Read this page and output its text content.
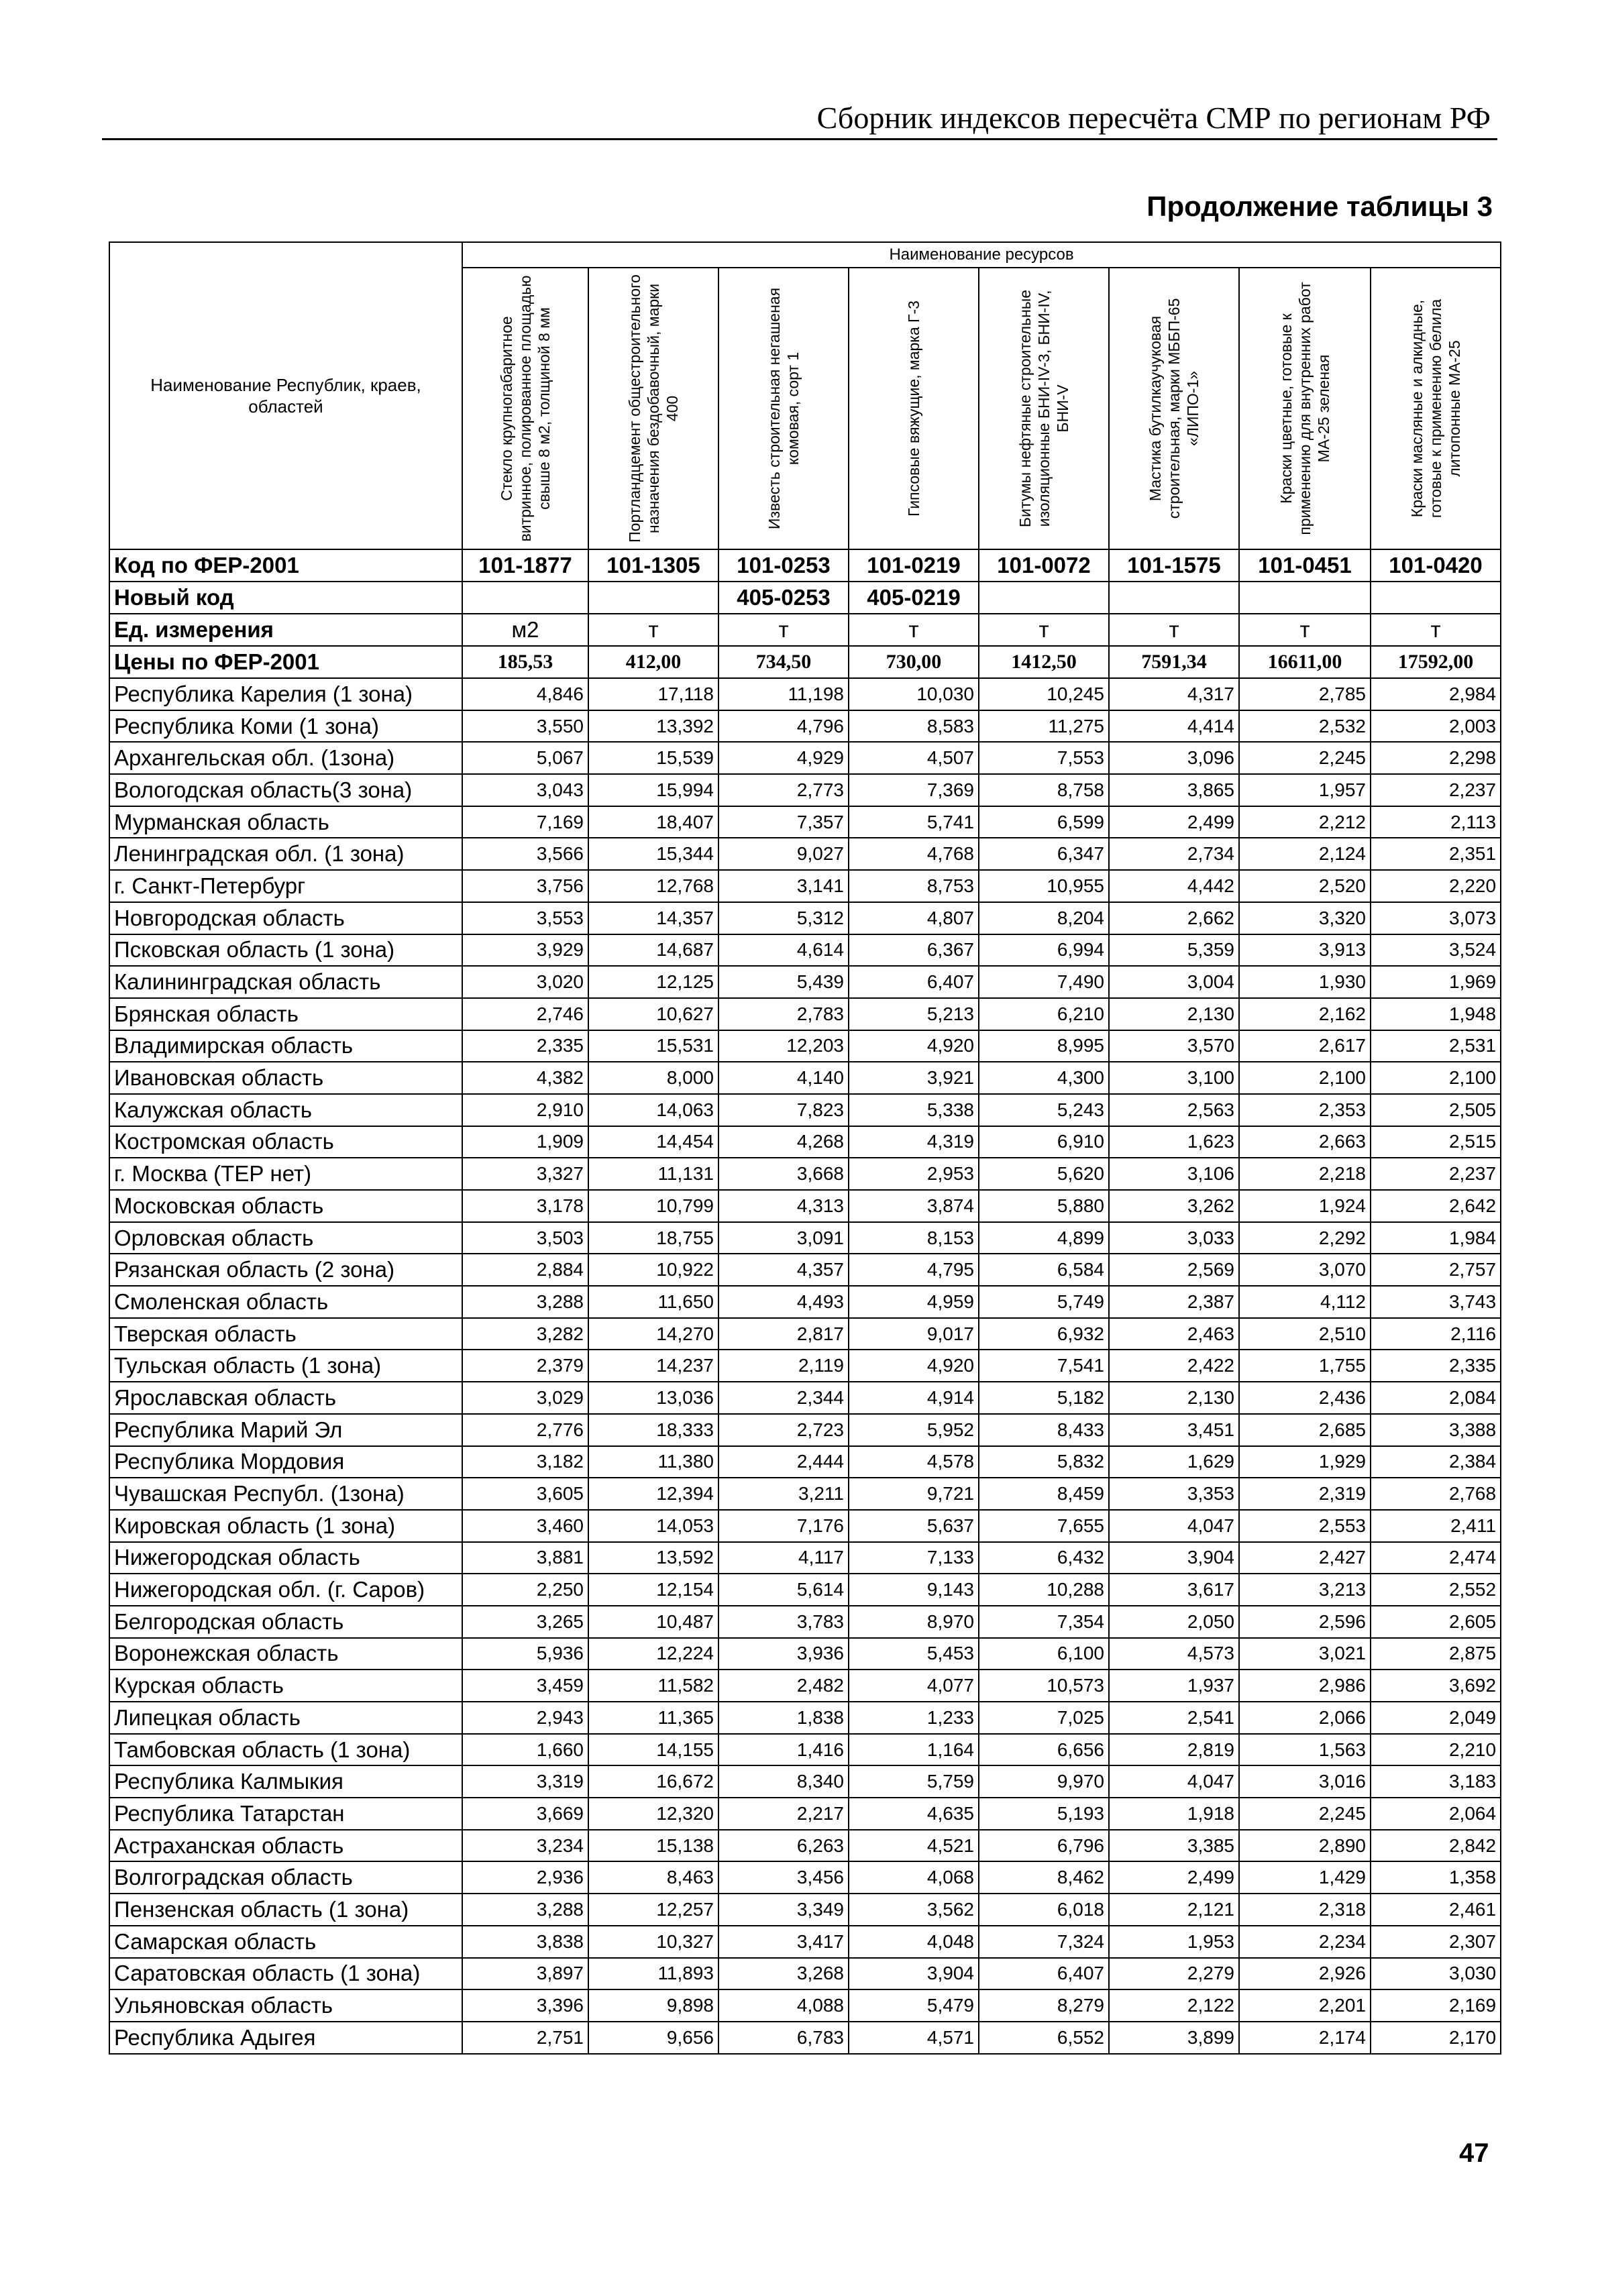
Сборник индексов пересчёта СМР по регионам РФ
Продолжение таблицы 3
Наименование Республик, краев, областей	Наименование ресурсов							

	Стекло крупногабаритное витринное, полированное площадью свыше 8 м2, толщиной 8 мм	Портландцемент общестроительного назначения бездобавочный, марки 400	Известь строительная негашеная комовая, сорт 1	Гипсовые вяжущие, марка Г-3	Битумы нефтяные строительные изоляционные БНИ-IV-3, БНИ-IV, БНИ-V	Мастика бутилкаучуковая строительная, марки МББП-65 «ЛИПО-1»	Краски цветные, готовые к применению для внутренних работ МА-25 зеленая	Краски масляные и алкидные, готовые к применению белила литопонные МА-25

Код по ФЕР-2001	101-1877	101-1305	101-0253	101-0219	101-0072	101-1575	101-0451	101-0420
Новый код			405-0253	405-0219				
Ед. измерения	м2	т	т	т	т	т	т	т
Цены по ФЕР-2001	185,53	412,00	734,50	730,00	1412,50	7591,34	16611,00	17592,00
Республика Карелия (1 зона)	4,846	17,118	11,198	10,030	10,245	4,317	2,785	2,984
Республика Коми (1 зона)	3,550	13,392	4,796	8,583	11,275	4,414	2,532	2,003
Архангельская обл. (1зона)	5,067	15,539	4,929	4,507	7,553	3,096	2,245	2,298
Вологодская область(3 зона)	3,043	15,994	2,773	7,369	8,758	3,865	1,957	2,237
Мурманская область	7,169	18,407	7,357	5,741	6,599	2,499	2,212	2,113
Ленинградская обл. (1 зона)	3,566	15,344	9,027	4,768	6,347	2,734	2,124	2,351
г. Санкт-Петербург	3,756	12,768	3,141	8,753	10,955	4,442	2,520	2,220
Новгородская область	3,553	14,357	5,312	4,807	8,204	2,662	3,320	3,073
Псковская область (1 зона)	3,929	14,687	4,614	6,367	6,994	5,359	3,913	3,524
Калининградская область	3,020	12,125	5,439	6,407	7,490	3,004	1,930	1,969
Брянская область	2,746	10,627	2,783	5,213	6,210	2,130	2,162	1,948
Владимирская область	2,335	15,531	12,203	4,920	8,995	3,570	2,617	2,531
Ивановская область	4,382	8,000	4,140	3,921	4,300	3,100	2,100	2,100
Калужская область	2,910	14,063	7,823	5,338	5,243	2,563	2,353	2,505
Костромская область	1,909	14,454	4,268	4,319	6,910	1,623	2,663	2,515
г. Москва (ТЕР нет)	3,327	11,131	3,668	2,953	5,620	3,106	2,218	2,237
Московская область	3,178	10,799	4,313	3,874	5,880	3,262	1,924	2,642
Орловская область	3,503	18,755	3,091	8,153	4,899	3,033	2,292	1,984
Рязанская область (2 зона)	2,884	10,922	4,357	4,795	6,584	2,569	3,070	2,757
Смоленская область	3,288	11,650	4,493	4,959	5,749	2,387	4,112	3,743
Тверская область	3,282	14,270	2,817	9,017	6,932	2,463	2,510	2,116
Тульская область (1 зона)	2,379	14,237	2,119	4,920	7,541	2,422	1,755	2,335
Ярославская область	3,029	13,036	2,344	4,914	5,182	2,130	2,436	2,084
Республика Марий Эл	2,776	18,333	2,723	5,952	8,433	3,451	2,685	3,388
Республика Мордовия	3,182	11,380	2,444	4,578	5,832	1,629	1,929	2,384
Чувашская Республ. (1зона)	3,605	12,394	3,211	9,721	8,459	3,353	2,319	2,768
Кировская область (1 зона)	3,460	14,053	7,176	5,637	7,655	4,047	2,553	2,411
Нижегородская область	3,881	13,592	4,117	7,133	6,432	3,904	2,427	2,474
Нижегородская обл. (г. Саров)	2,250	12,154	5,614	9,143	10,288	3,617	3,213	2,552
Белгородская область	3,265	10,487	3,783	8,970	7,354	2,050	2,596	2,605
Воронежская область	5,936	12,224	3,936	5,453	6,100	4,573	3,021	2,875
Курская область	3,459	11,582	2,482	4,077	10,573	1,937	2,986	3,692
Липецкая область	2,943	11,365	1,838	1,233	7,025	2,541	2,066	2,049
Тамбовская область (1 зона)	1,660	14,155	1,416	1,164	6,656	2,819	1,563	2,210
Республика Калмыкия	3,319	16,672	8,340	5,759	9,970	4,047	3,016	3,183
Республика Татарстан	3,669	12,320	2,217	4,635	5,193	1,918	2,245	2,064
Астраханская область	3,234	15,138	6,263	4,521	6,796	3,385	2,890	2,842
Волгоградская область	2,936	8,463	3,456	4,068	8,462	2,499	1,429	1,358
Пензенская область (1 зона)	3,288	12,257	3,349	3,562	6,018	2,121	2,318	2,461
Самарская область	3,838	10,327	3,417	4,048	7,324	1,953	2,234	2,307
Саратовская область (1 зона)	3,897	11,893	3,268	3,904	6,407	2,279	2,926	3,030
Ульяновская область	3,396	9,898	4,088	5,479	8,279	2,122	2,201	2,169
Республика Адыгея	2,751	9,656	6,783	4,571	6,552	3,899	2,174	2,170
47
